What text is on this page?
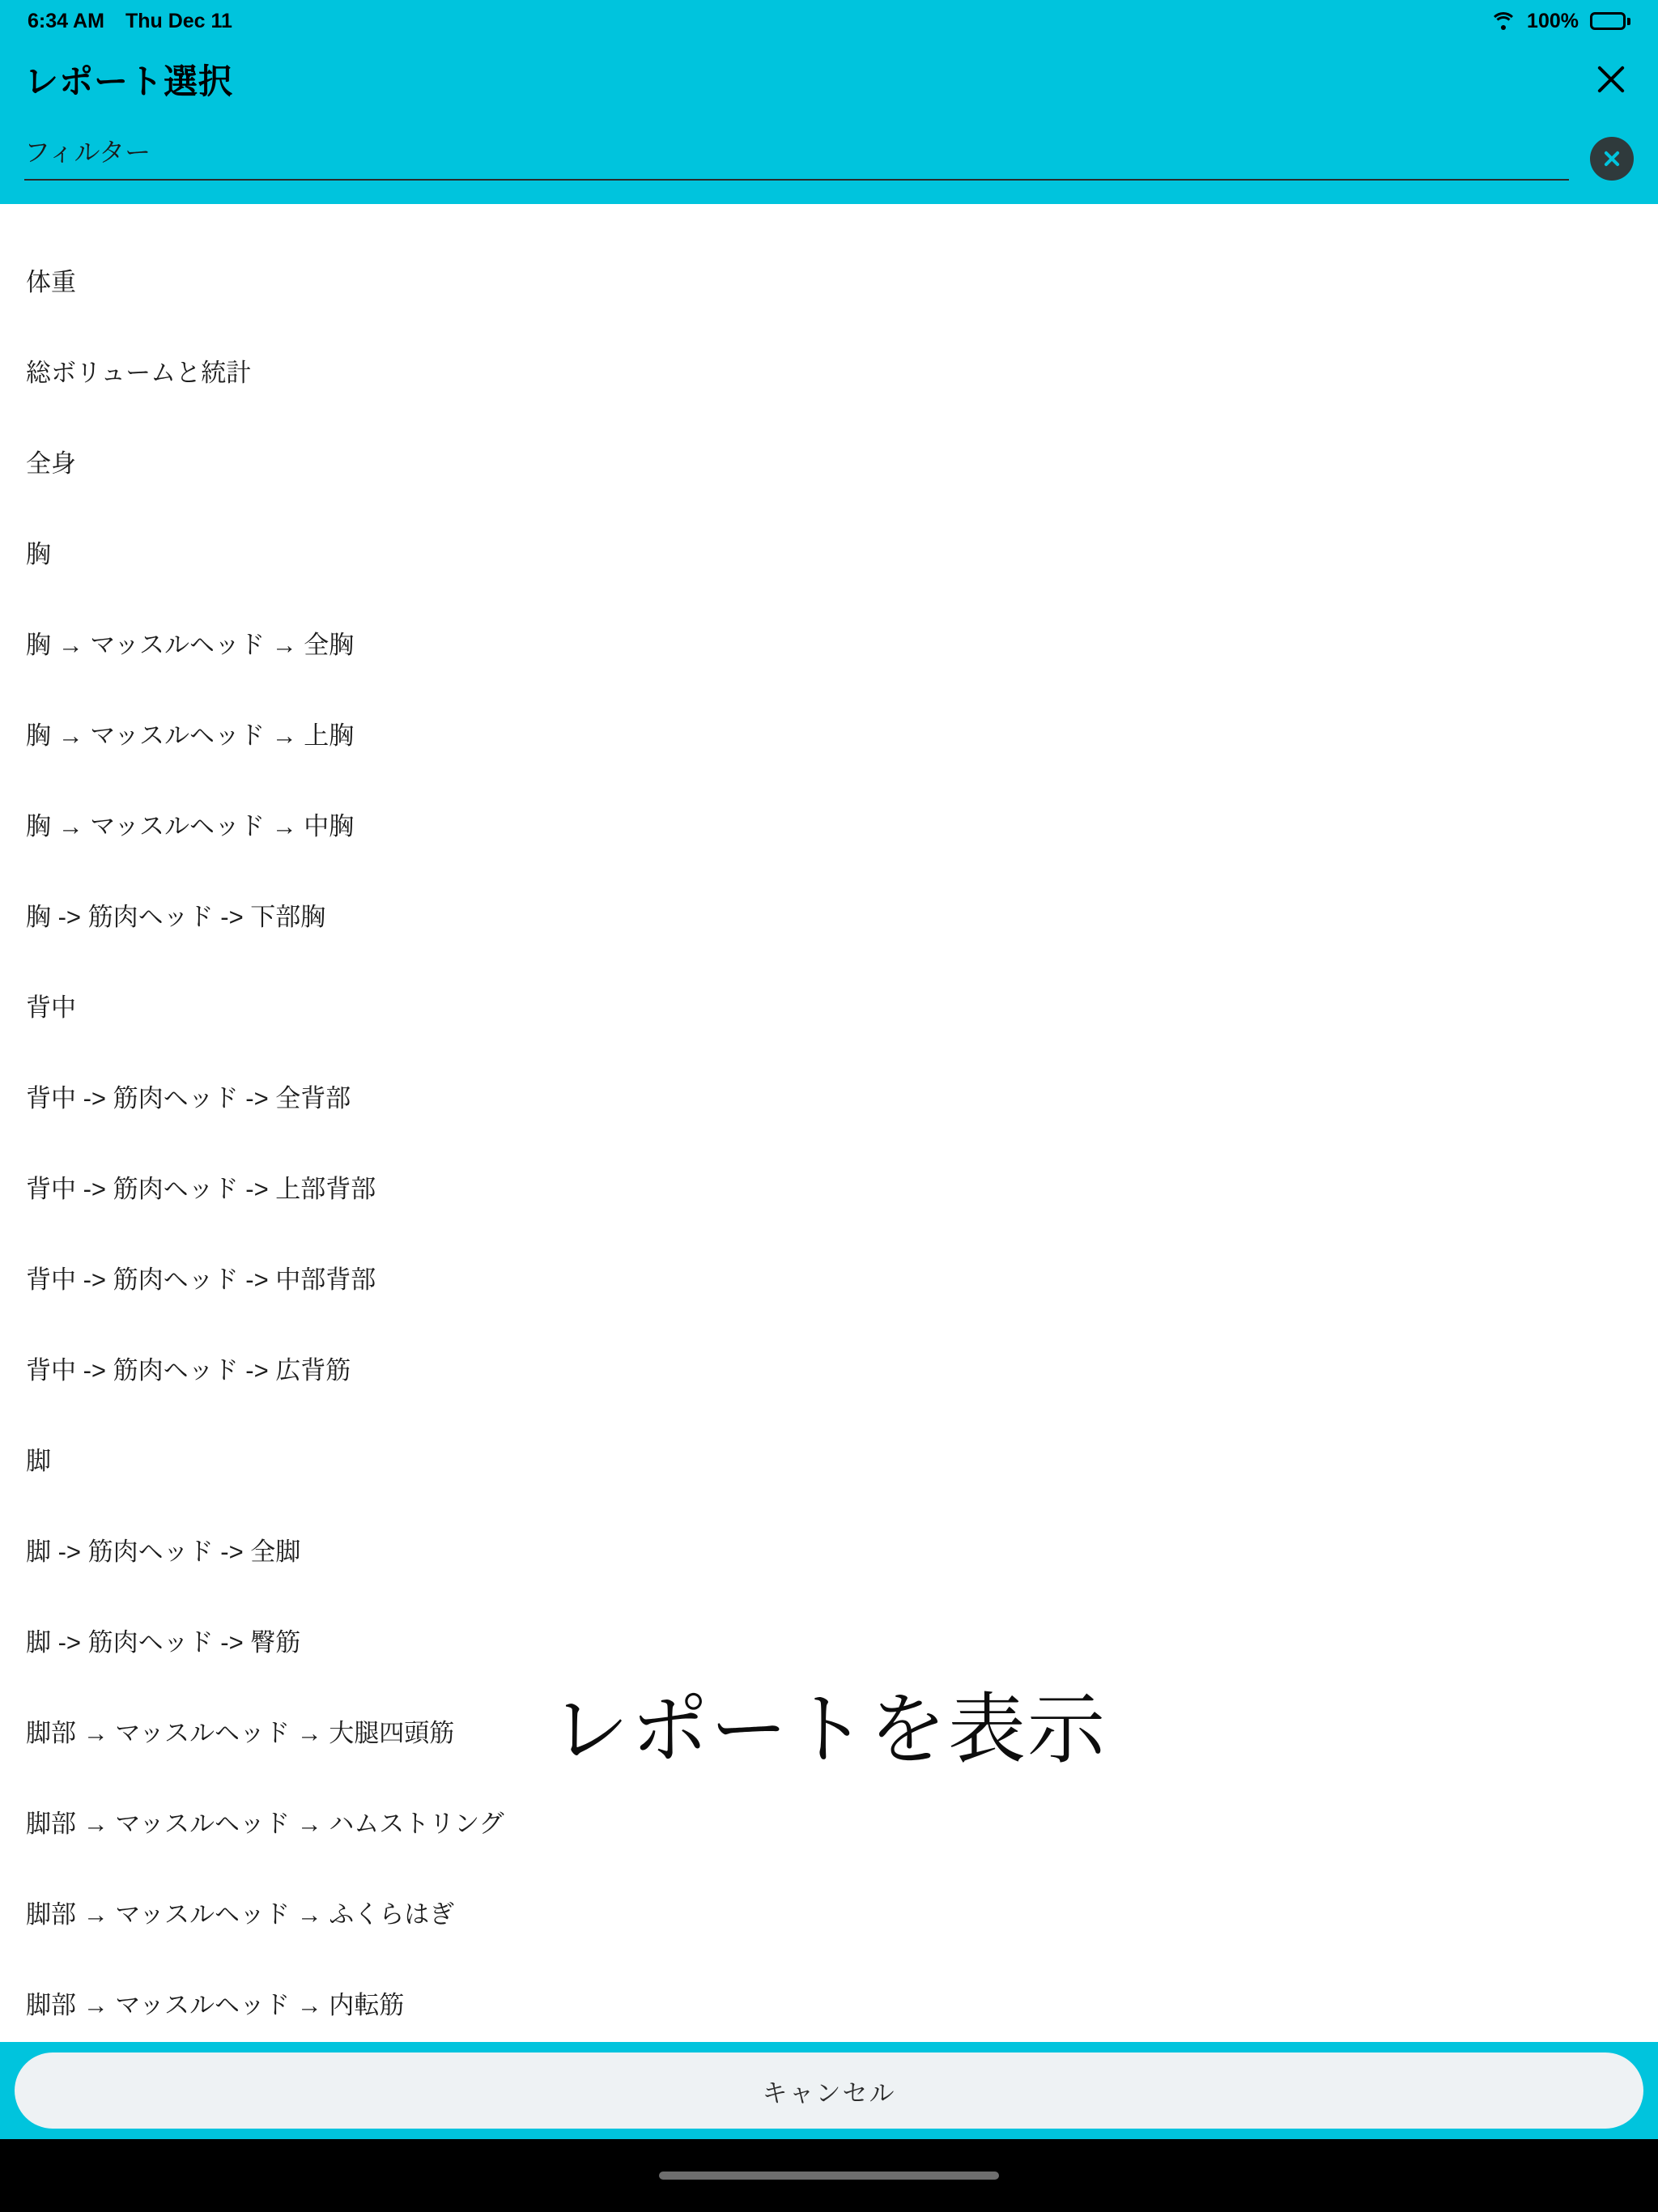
6:34 AM Thu Dec 11	100%
レポート選択
フィルター
体重
総ボリュームと統計
全身
胸
胸 → マッスルヘッド → 全胸
胸 → マッスルヘッド → 上胸
胸 → マッスルヘッド → 中胸
胸 -> 筋肉ヘッド -> 下部胸
背中
背中 -> 筋肉ヘッド -> 全背部
背中 -> 筋肉ヘッド -> 上部背部
背中 -> 筋肉ヘッド -> 中部背部
背中 -> 筋肉ヘッド -> 広背筋
脚
脚 -> 筋肉ヘッド -> 全脚
脚 -> 筋肉ヘッド -> 臀筋
脚部 → マッスルヘッド → 大腿四頭筋
脚部 → マッスルヘッド → ハムストリング
脚部 → マッスルヘッド → ふくらはぎ
脚部 → マッスルヘッド → 内転筋
レポートを表示
キャンセル
